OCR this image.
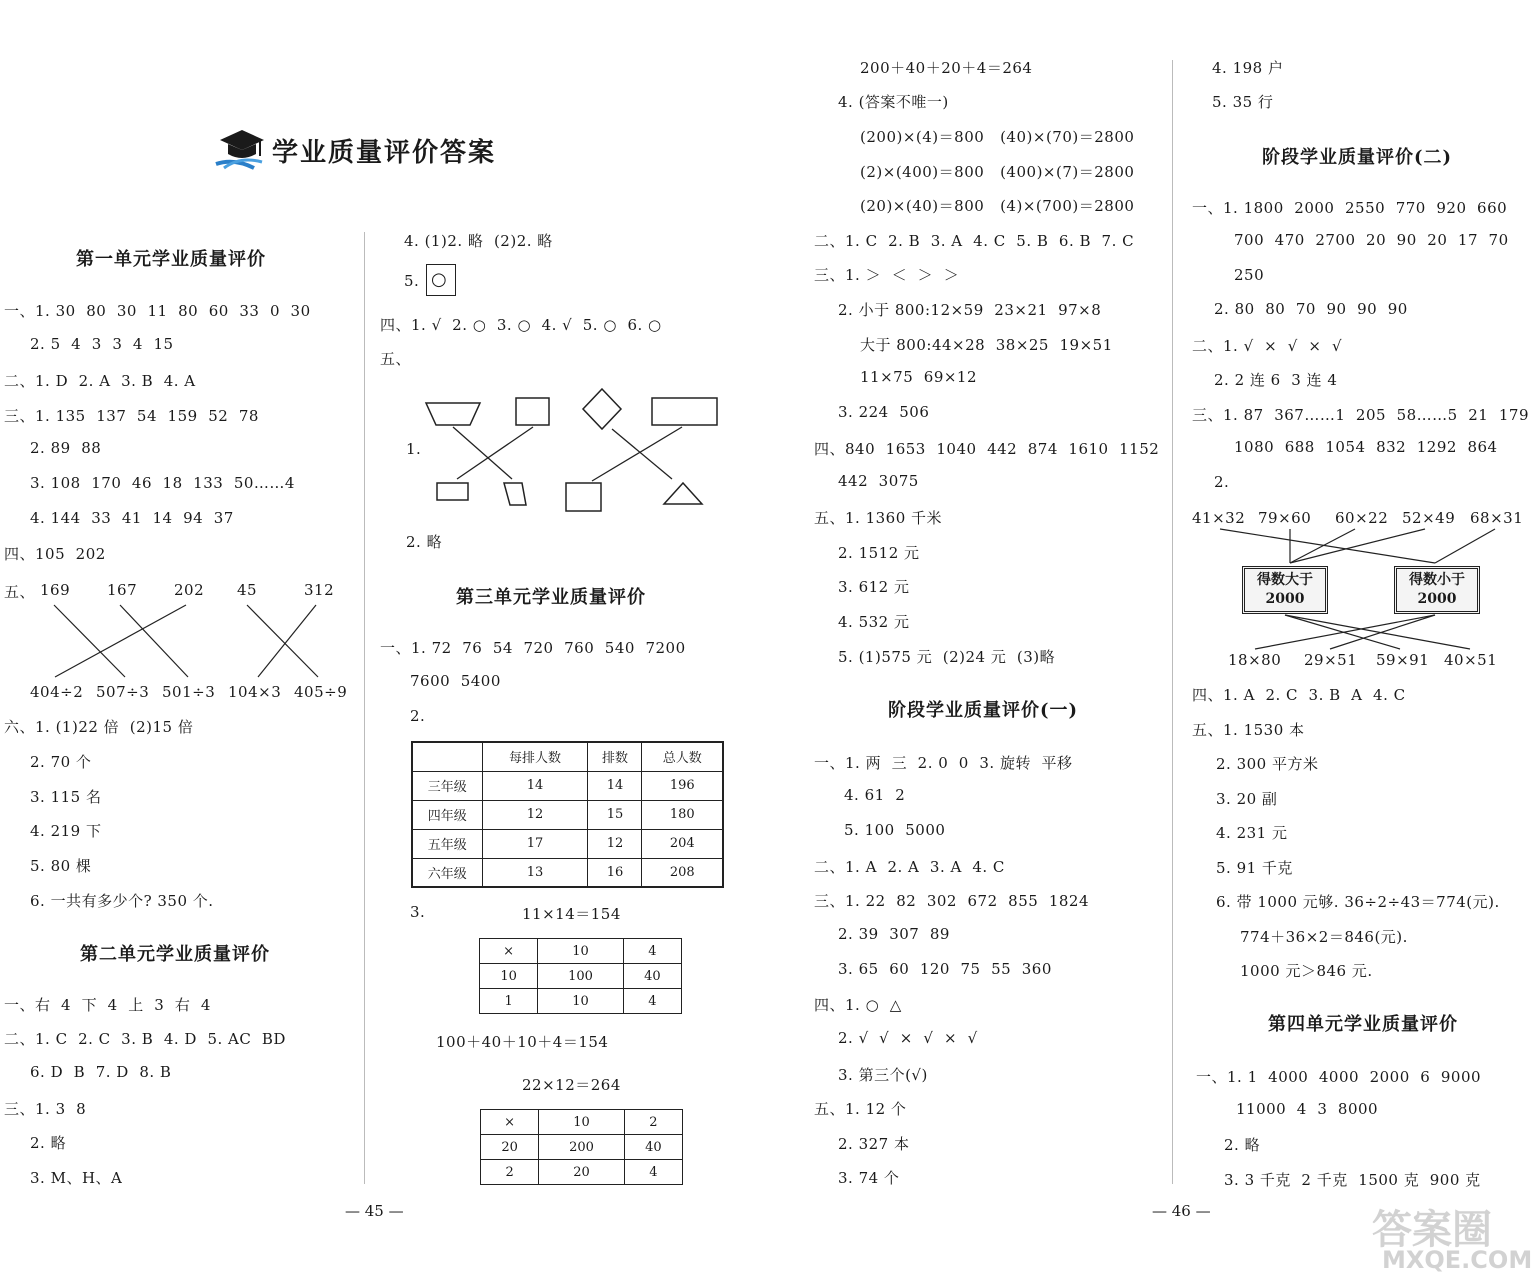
学业质量评价答案
第一单元学业质量评价
一、1. 30  80  30  11  80  60  33  0  30
2. 5  4  3  3  4  15
二、1. D  2. A  3. B  4. A
三、1. 135  137  54  159  52  78
2. 89  88
3. 108  170  46  18  133  50……4
4. 144  33  41  14  94  37
四、105  202
五、 169 167 202 45	312
404÷2 507÷3 501÷3 104×3 405÷9
六、1. (1)22 倍  (2)15 倍
2. 70 个
3. 115 名
4. 219 下
5. 80 棵
6. 一共有多少个? 350 个.
第二单元学业质量评价
一、右  4  下  4  上  3  右  4
二、1. C  2. C  3. B  4. D  5. AC  BD
6. D  B  7. D  8. B
三、1. 3  8
2. 略
3. M、H、A
4. (1)2. 略  (2)2. 略
5. ○
四、1. √  2. ○  3. ○  4. √  5. ○  6. ○
五、
1.
2. 略
第三单元学业质量评价
一、1. 72  76  54  720  760  540  7200
7600  5400
2.
	每排人数	排数	总人数
三年级	14	14	196
四年级	12	15	180
五年级	17	12	204
六年级	13	16	208
3.	11×14＝154
×	10	4
10	100	40
1	10	4
100＋40＋10＋4＝154
22×12＝264
×	10	2
20	200	40
2	20	4
— 45 —
200＋40＋20＋4＝264
4. (答案不唯一)
(200)×(4)＝800   (40)×(70)＝2800
(2)×(400)＝800   (400)×(7)＝2800
(20)×(40)＝800   (4)×(700)＝2800
二、1. C  2. B  3. A  4. C  5. B  6. B  7. C
三、1. ＞  ＜  ＞  ＞
2. 小于 800:12×59  23×21  97×8
大于 800:44×28  38×25  19×51
11×75  69×12
3. 224  506
四、840  1653  1040  442  874  1610  1152
442  3075
五、1. 1360 千米
2. 1512 元
3. 612 元
4. 532 元
5. (1)575 元  (2)24 元  (3)略
阶段学业质量评价(一)
一、1. 两  三  2. 0  0  3. 旋转  平移
4. 61  2
5. 100  5000
二、1. A  2. A  3. A  4. C
三、1. 22  82  302  672  855  1824
2. 39  307  89
3. 65  60  120  75  55  360
四、1. ○  △
2. √  √  ×  √  ×  √
3. 第三个(√)
五、1. 12 个
2. 327 本
3. 74 个
4. 198 户
5. 35 行
阶段学业质量评价(二)
一、1. 1800  2000  2550  770  920  660
700  470  2700  20  90  20  17  70
250
2. 80  80  70  90  90  90
二、1. √  ×  √  ×  √
2. 2 连 6  3 连 4
三、1. 87  367……1  205  58……5  21  179
1080  688  1054  832  1292  864
2.
41×32 79×60 60×22 52×49 68×31
得数大于 2000
得数小于 2000
18×80 29×51 59×91 40×51
四、1. A  2. C  3. B  A  4. C
五、1. 1530 本
2. 300 平方米
3. 20 副
4. 231 元
5. 91 千克
6. 带 1000 元够. 36÷2÷43＝774(元).
774＋36×2＝846(元).
1000 元＞846 元.
第四单元学业质量评价
一、1. 1  4000  4000  2000  6  9000
11000  4  3  8000
2. 略
3. 3 千克  2 千克  1500 克  900 克
— 46 —	答案圈
MXQE.COM
